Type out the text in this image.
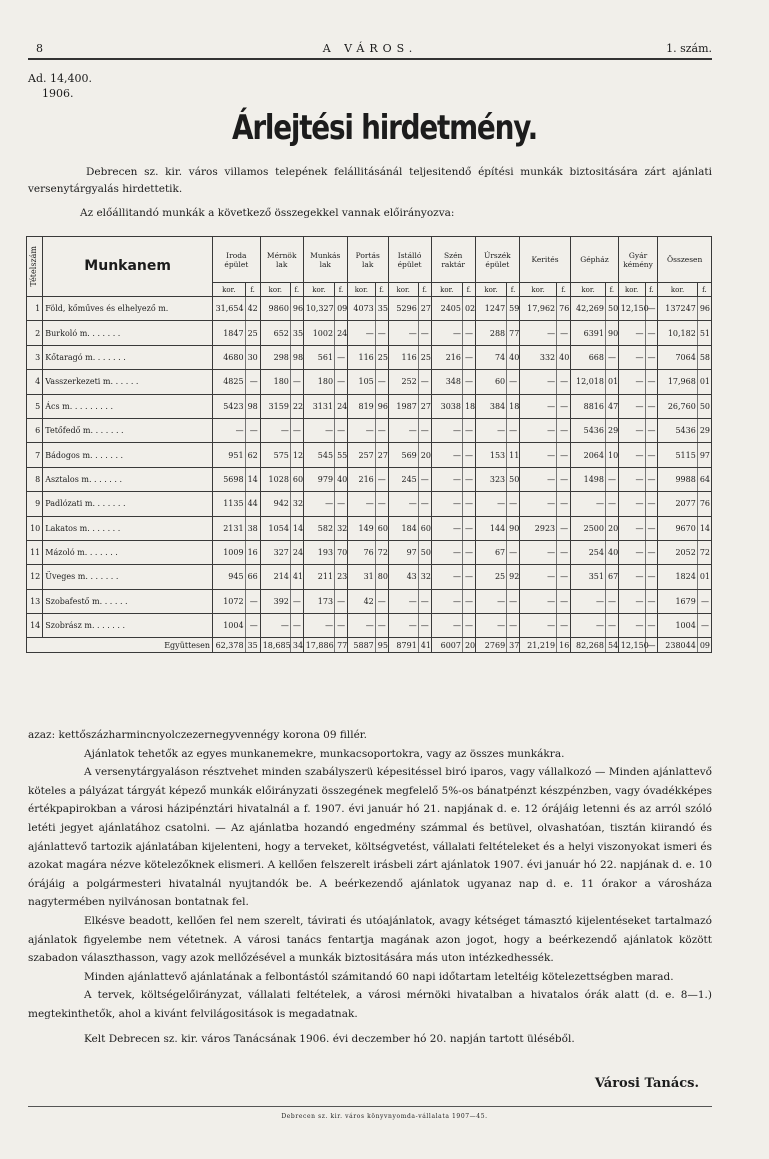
8	A VÁROS.	1. szám.
Ad. 14,400.
1906.
Árlejtési hirdetmény.
Debrecen sz. kir. város villamos telepének felállitásánál teljesitendő építési munkák biztositására zárt ajánlati versenytárgyalás hirdettetik.
Az előállitandó munkák a következő összegekkel vannak előirányozva:
Tételszám	Munkanem	Iroda épület		Mérnök lak		Munkás lak		Portás lak		Istálló épület		Szén raktár		Úrszék épület		Kerités		Gépház		Gyár kémény		Összesen	
		kor.	f.	kor.	f.	kor.	f.	kor.	f.	kor.	f.	kor.	f.	kor.	f.	kor.	f.	kor.	f.	kor.	f.	kor.	f.
1	Föld, kőműves és elhelyező m.	31,654	42	9860	96	10,327	09	4073	35	5296	27	2405	02	1247	59	17,962	76	42,269	50	12,150	—	137247	96
2	Burkoló m. . . . . . .	1847	25	652	35	1002	24	—	—	—	—	—	—	288	77	—	—	6391	90	—	—	10,182	51
3	Kőtaragó m. . . . . . .	4680	30	298	98	561	—	116	25	116	25	216	—	74	40	332	40	668	—	—	—	7064	58
4	Vasszerkezeti m. . . . . .	4825	—	180	—	180	—	105	—	252	—	348	—	60	—	—	—	12,018	01	—	—	17,968	01
5	Ács m. . . . . . . . .	5423	98	3159	22	3131	24	819	96	1987	27	3038	18	384	18	—	—	8816	47	—	—	26,760	50
6	Tetőfedő m. . . . . . .	—	—	—	—	—	—	—	—	—	—	—	—	—	—	—	—	5436	29	—	—	5436	29
7	Bádogos m. . . . . . .	951	62	575	12	545	55	257	27	569	20	—	—	153	11	—	—	2064	10	—	—	5115	97
8	Asztalos m. . . . . . .	5698	14	1028	60	979	40	216	—	245	—	—	—	323	50	—	—	1498	—	—	—	9988	64
9	Padlózati m. . . . . . .	1135	44	942	32	—	—	—	—	—	—	—	—	—	—	—	—	—	—	—	—	2077	76
10	Lakatos m. . . . . . .	2131	38	1054	14	582	32	149	60	184	60	—	—	144	90	2923	—	2500	20	—	—	9670	14
11	Mázoló m. . . . . . .	1009	16	327	24	193	70	76	72	97	50	—	—	67	—	—	—	254	40	—	—	2052	72
12	Üveges m. . . . . . .	945	66	214	41	211	23	31	80	43	32	—	—	25	92	—	—	351	67	—	—	1824	01
13	Szobafestő m. . . . . .	1072	—	392	—	173	—	42	—	—	—	—	—	—	—	—	—	—	—	—	—	1679	—
14	Szobrász m. . . . . . .	1004	—	—	—	—	—	—	—	—	—	—	—	—	—	—	—	—	—	—	—	1004	—
Együttesen		62,378	35	18,685	34	17,886	77	5887	95	8791	41	6007	20	2769	37	21,219	16	82,268	54	12,150	—	238044	09

azaz: kettőszázharmincnyolczezernegyvennégy korona 09 fillér.

Ajánlatok tehetők az egyes munkanemekre, munkacsoportokra, vagy az összes munkákra.

A versenytárgyaláson résztvehet minden szabályszerü képesitéssel biró iparos, vagy vállalkozó — Minden ajánlattevő köteles a pályázat tárgyát képező munkák előirányzati összegének megfelelő 5%-os bánatpénzt készpénzben, vagy óvadékképes értékpapirokban a városi házipénztári hivatalnál a f. 1907. évi január hó 21. napjának d. e. 12 órájáig letenni és az arról szóló letéti jegyet ajánlatához csatolni. — Az ajánlatba hozandó engedmény számmal és betüvel, olvashatóan, tisztán kiirandó és ajánlattevő tartozik ajánlatában kijelenteni, hogy a terveket, költségvetést, vállalati feltételeket és a helyi viszonyokat ismeri és azokat magára nézve kötelezőknek elismeri. A kellően felszerelt irásbeli zárt ajánlatok 1907. évi január hó 22. napjának d. e. 10 órájáig a polgármesteri hivatalnál nyujtandók be. A beérkezendő ajánlatok ugyanaz nap d. e. 11 órakor a városháza nagytermében nyilvánosan bontatnak fel.

Elkésve beadott, kellően fel nem szerelt, távirati és utóajánlatok, avagy kétséget támasztó kijelentéseket tartalmazó ajánlatok figyelembe nem vétetnek. A városi tanács fentartja magának azon jogot, hogy a beérkezendő ajánlatok között szabadon választhasson, vagy azok mellőzésével a munkák biztositására más uton intézkedhessék.

Minden ajánlattevő ajánlatának a felbontástól számitandó 60 napi időtartam leteltéig kötelezettségben marad.

A tervek, költségelőirányzat, vállalati feltételek, a városi mérnöki hivatalban a hivatalos órák alatt (d. e. 8—1.) megtekinthetők, ahol a kivánt felvilágositások is megadatnak.

Kelt Debrecen sz. kir. város Tanácsának 1906. évi deczember hó 20. napján tartott üléséből.

Városi Tanács.
Debrecen sz. kir. város könyvnyomda-vállalata 1907—45.
